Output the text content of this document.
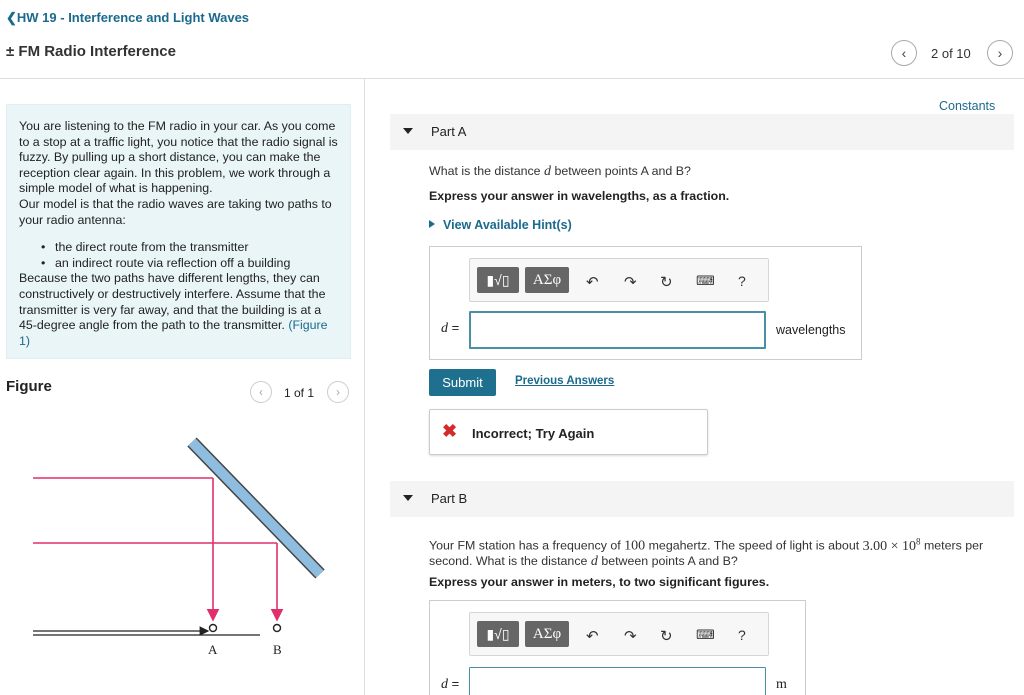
❮HW 19 - Interference and Light Waves
± FM Radio Interference	‹ 2 of 10 ›

You are listening to the FM radio in your car. As you come to a stop at a traffic light, you notice that the radio signal is fuzzy. By pulling up a short distance, you can make the reception clear again. In this problem, we work through a simple model of what is happening.

Our model is that the radio waves are taking two paths to your radio antenna:

• the direct route from the transmitter
• an indirect route via reflection off a building

Because the two paths have different lengths, they can constructively or destructively interfere. Assume that the transmitter is very far away, and that the building is at a 45-degree angle from the path to the transmitter. (Figure 1)

Figure	‹ 1 of 1 ›
A	B
Constants
Part A
What is the distance d between points A and B?
Express your answer in wavelengths, as a fraction.
View Available Hint(s)
▮√▯	ΑΣφ	↶ ↷ ↻ ⌨ ?
d =	wavelengths
Submit	Previous Answers
✖ Incorrect; Try Again
Part B
Your FM station has a frequency of 100 megahertz. The speed of light is about $3.00 \times 10^8$ meters per second. What is the distance d between points A and B?
Express your answer in meters, to two significant figures.
▮√▯	ΑΣφ	↶ ↷ ↻ ⌨ ?
d =	m
